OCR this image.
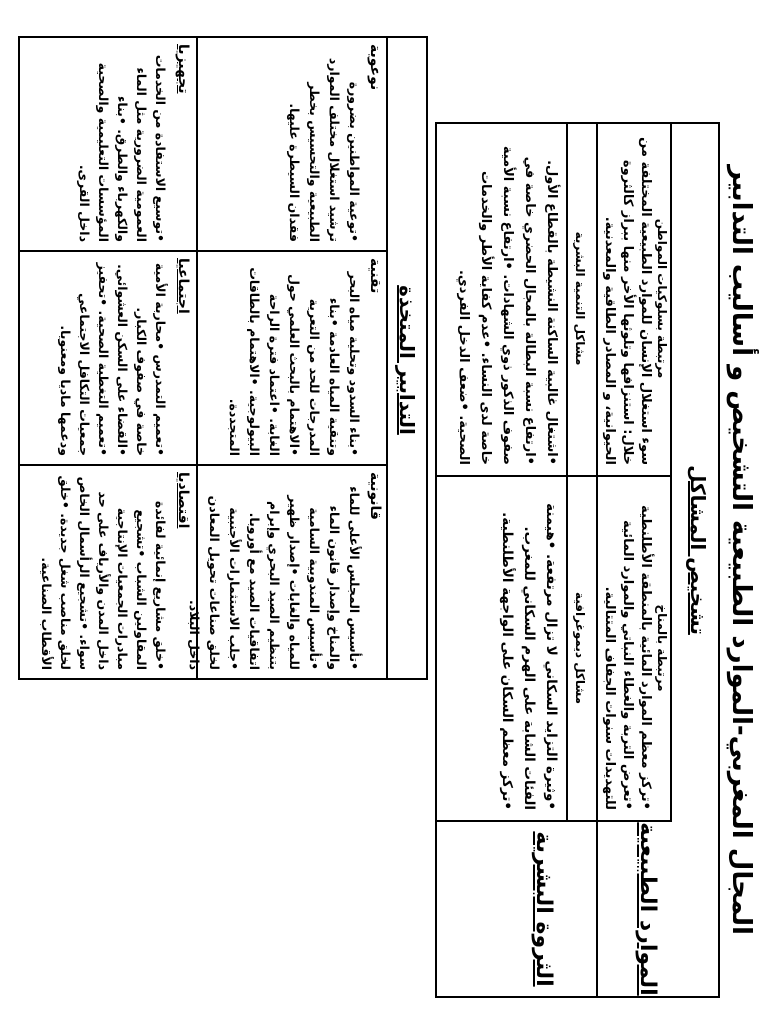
المجال المغربي-الموارد الطبيعية التشخيص و أساليب التدابير
تشخيص المشاكل
مرتبطة بالمناخ
مرتبطة بسلوكيات المواطن
الموارد الطبيعية
•تركز معظم الموارد المائية بالمنطقة الأطلنطية •تعرض التربة والغطاء النباتي والموارد المائية للتهديدات سنوات الجفاف المتتالية.
سوء استغلال الإنسان للموارد الطبيعية المختلفة من خلال: استنزافها وتلوثها الأخر منها ببراز كالثروة الحيوانية، و المصادر الطاقية والمعدنية.
الثروة البشرية
مشاكل ديموغرافية
مشاكل التنمية البشرية
•وثيرة التزايد السكاني لا تزال مرتفعة. •هيمنة الفئات الشابة على الهرم السكاني للمغرب. •تركز معظم السكان على الواجهة الأطلنطية.
•اشتغال غالبية الساكنة النشيطة بالقطاع الأول. •ارتفاع نسبة البطالة بالمجال الحضري خاصة في صفوف الذكور ذوي الشهادات. •ارتفاع نسبة الأمية خاصة لدى النساء. •عدم كفاية الأطر والخدمات الصحية. •ضعف الدخل الفردي.
التدابير المتخذة
قانونية
تقنية
نوعوية
•تأسيس المجلس الأعلى للماء والمناخ وإصدار قانون الماء •تأسيس المندوبية السامية للمياه والغابات •إصدار ظهير بتنظيم الصيد البحري وإبرام اتفاقيات الصيد مع أوروبا. •جلب الاستثمارات الأجنبية لخلق صناعات تحويل المعادن داخل البلاد.
•بناء السدود وتحلية مياه البحر وتنقية المياه العادمة •بناء المدرجات للحد من التعرية •الاهتمام بالبحث العلمي حول الغابة. •اعتماد فترة الراحة البيولوجية. •الاهتمام بالطاقات المتجددة.
•توعية المواطنين بضرورة ترشيد استغلال مختلف الموارد الطبيعية والتحسيس بخطر فقدان السيطرة عليها.
اقتصاديا
اجتماعيا
تجهيزيا
•خلق مشاريع إنمائية لفائدة المقاولين الشباب •تشجيع مبادرات الجمعيات الإنتاجية داخل المدن والأرياف على حد سواء. •تشجيع الرأسمال الخاص لخلق مناصب شغل جديدة. •خلق الأقطاب الصناعية.
•تعميم التمدرس •محاربة الأمية خاصة في صفوف الكبار. •القضاء على السكن العشوائي. •تعميم التغطية الصحية. •تحفيز جمعيات التكافل الاجتماعي ودعمها ماديا ومعنويا.
•توسيع الاستفادة من الخدمات العمومية الضرورية مثل الماء والكهرباء والطرق. •بناء المؤسسات التعليمية والصحية داخل القرى.
